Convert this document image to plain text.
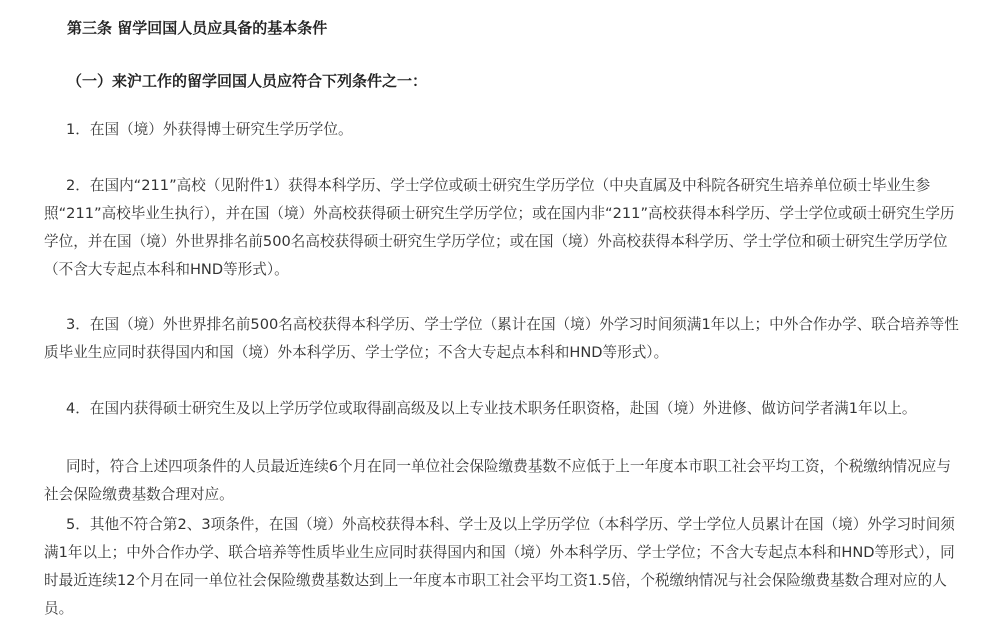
第三条 留学回国人员应具备的基本条件
（一）来沪工作的留学回国人员应符合下列条件之一：

1．在国（境）外获得博士研究生学历学位。

2．在国内“211”高校（见附件1）获得本科学历、学士学位或硕士研究生学历学位（中央直属及中科院各研究生培养单位硕士毕业生参照“211”高校毕业生执行），并在国（境）外高校获得硕士研究生学历学位；或在国内非“211”高校获得本科学历、学士学位或硕士研究生学历学位，并在国（境）外世界排名前500名高校获得硕士研究生学历学位；或在国（境）外高校获得本科学历、学士学位和硕士研究生学历学位（不含大专起点本科和HND等形式）。

3．在国（境）外世界排名前500名高校获得本科学历、学士学位（累计在国（境）外学习时间须满1年以上；中外合作办学、联合培养等性质毕业生应同时获得国内和国（境）外本科学历、学士学位；不含大专起点本科和HND等形式）。

4．在国内获得硕士研究生及以上学历学位或取得副高级及以上专业技术职务任职资格，赴国（境）外进修、做访问学者满1年以上。

同时，符合上述四项条件的人员最近连续6个月在同一单位社会保险缴费基数不应低于上一年度本市职工社会平均工资，个税缴纳情况应与社会保险缴费基数合理对应。

5．其他不符合第2、3项条件，在国（境）外高校获得本科、学士及以上学历学位（本科学历、学士学位人员累计在国（境）外学习时间须满1年以上；中外合作办学、联合培养等性质毕业生应同时获得国内和国（境）外本科学历、学士学位；不含大专起点本科和HND等形式），同时最近连续12个月在同一单位社会保险缴费基数达到上一年度本市职工社会平均工资1.5倍，个税缴纳情况与社会保险缴费基数合理对应的人员。
